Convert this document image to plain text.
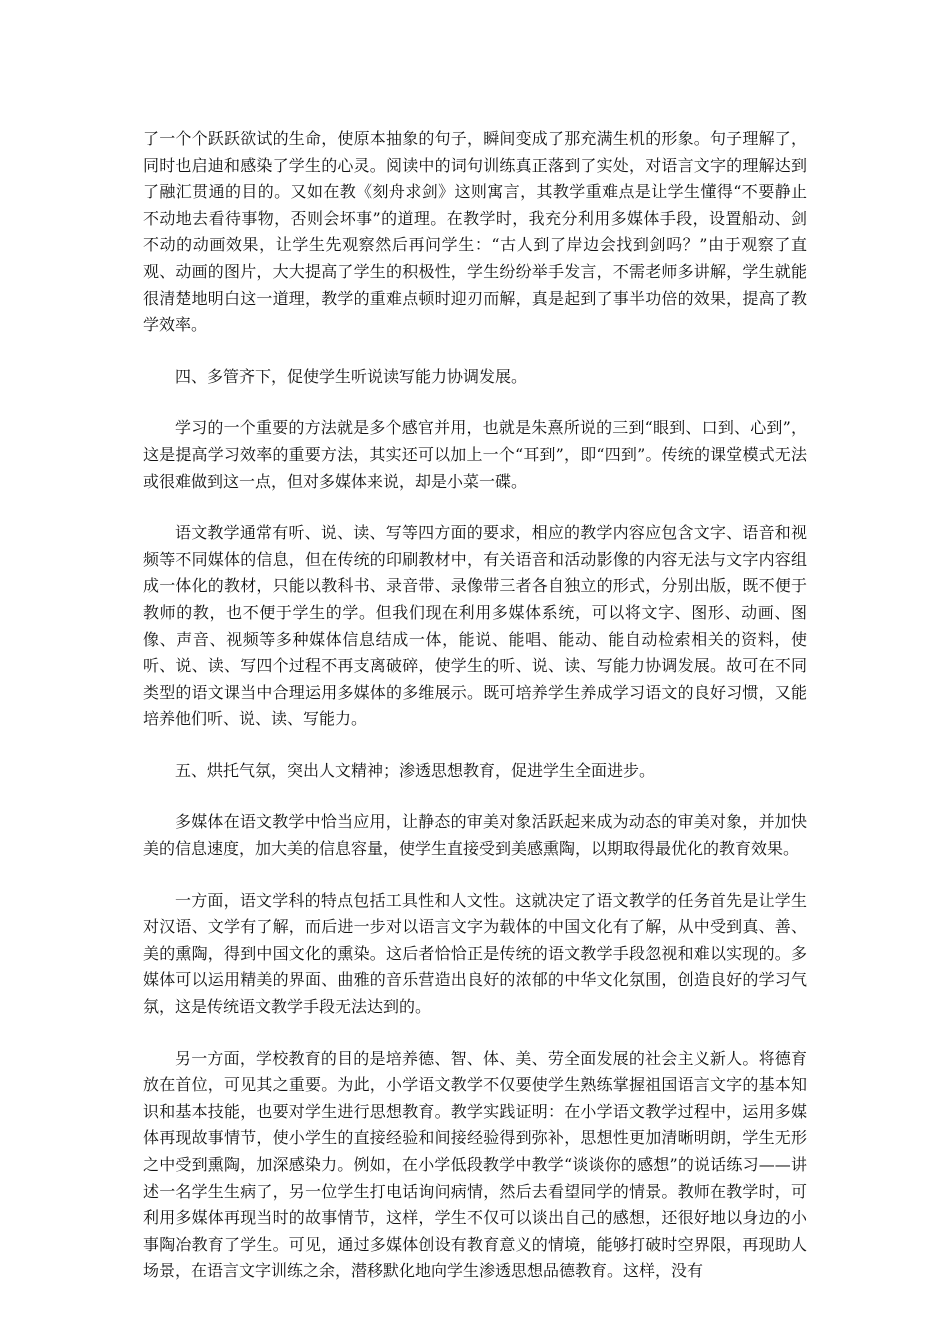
了一个个跃跃欲试的生命，使原本抽象的句子，瞬间变成了那充满生机的形象。句子理解了，同时也启迪和感染了学生的心灵。阅读中的词句训练真正落到了实处，对语言文字的理解达到了融汇贯通的目的。又如在教《刻舟求剑》这则寓言，其教学重难点是让学生懂得“不要静止不动地去看待事物，否则会坏事”的道理。在教学时，我充分利用多媒体手段，设置船动、剑不动的动画效果，让学生先观察然后再问学生：“古人到了岸边会找到剑吗？”由于观察了直观、动画的图片，大大提高了学生的积极性，学生纷纷举手发言，不需老师多讲解，学生就能很清楚地明白这一道理，教学的重难点顿时迎刃而解，真是起到了事半功倍的效果，提高了教学效率。

四、多管齐下，促使学生听说读写能力协调发展。

学习的一个重要的方法就是多个感官并用，也就是朱熹所说的三到“眼到、口到、心到”，这是提高学习效率的重要方法，其实还可以加上一个“耳到”，即“四到”。传统的课堂模式无法或很难做到这一点，但对多媒体来说，却是小菜一碟。

语文教学通常有听、说、读、写等四方面的要求，相应的教学内容应包含文字、语音和视频等不同媒体的信息，但在传统的印刷教材中，有关语音和活动影像的内容无法与文字内容组成一体化的教材，只能以教科书、录音带、录像带三者各自独立的形式，分别出版，既不便于教师的教，也不便于学生的学。但我们现在利用多媒体系统，可以将文字、图形、动画、图像、声音、视频等多种媒体信息结成一体，能说、能唱、能动、能自动检索相关的资料，使听、说、读、写四个过程不再支离破碎，使学生的听、说、读、写能力协调发展。故可在不同类型的语文课当中合理运用多媒体的多维展示。既可培养学生养成学习语文的良好习惯，又能培养他们听、说、读、写能力。

五、烘托气氛，突出人文精神；渗透思想教育，促进学生全面进步。

多媒体在语文教学中恰当应用，让静态的审美对象活跃起来成为动态的审美对象，并加快美的信息速度，加大美的信息容量，使学生直接受到美感熏陶，以期取得最优化的教育效果。

一方面，语文学科的特点包括工具性和人文性。这就决定了语文教学的任务首先是让学生对汉语、文学有了解，而后进一步对以语言文字为载体的中国文化有了解，从中受到真、善、美的熏陶，得到中国文化的熏染。这后者恰恰正是传统的语文教学手段忽视和难以实现的。多媒体可以运用精美的界面、曲雅的音乐营造出良好的浓郁的中华文化氛围，创造良好的学习气氛，这是传统语文教学手段无法达到的。

另一方面，学校教育的目的是培养德、智、体、美、劳全面发展的社会主义新人。将德育放在首位，可见其之重要。为此，小学语文教学不仅要使学生熟练掌握祖国语言文字的基本知识和基本技能，也要对学生进行思想教育。教学实践证明：在小学语文教学过程中，运用多媒体再现故事情节，使小学生的直接经验和间接经验得到弥补，思想性更加清晰明朗，学生无形之中受到熏陶，加深感染力。例如，在小学低段教学中教学“谈谈你的感想”的说话练习——讲述一名学生生病了，另一位学生打电话询问病情，然后去看望同学的情景。教师在教学时，可利用多媒体再现当时的故事情节，这样，学生不仅可以谈出自己的感想，还很好地以身边的小事陶冶教育了学生。可见，通过多媒体创设有教育意义的情境，能够打破时空界限，再现助人场景，在语言文字训练之余，潜移默化地向学生渗透思想品德教育。这样，没有
